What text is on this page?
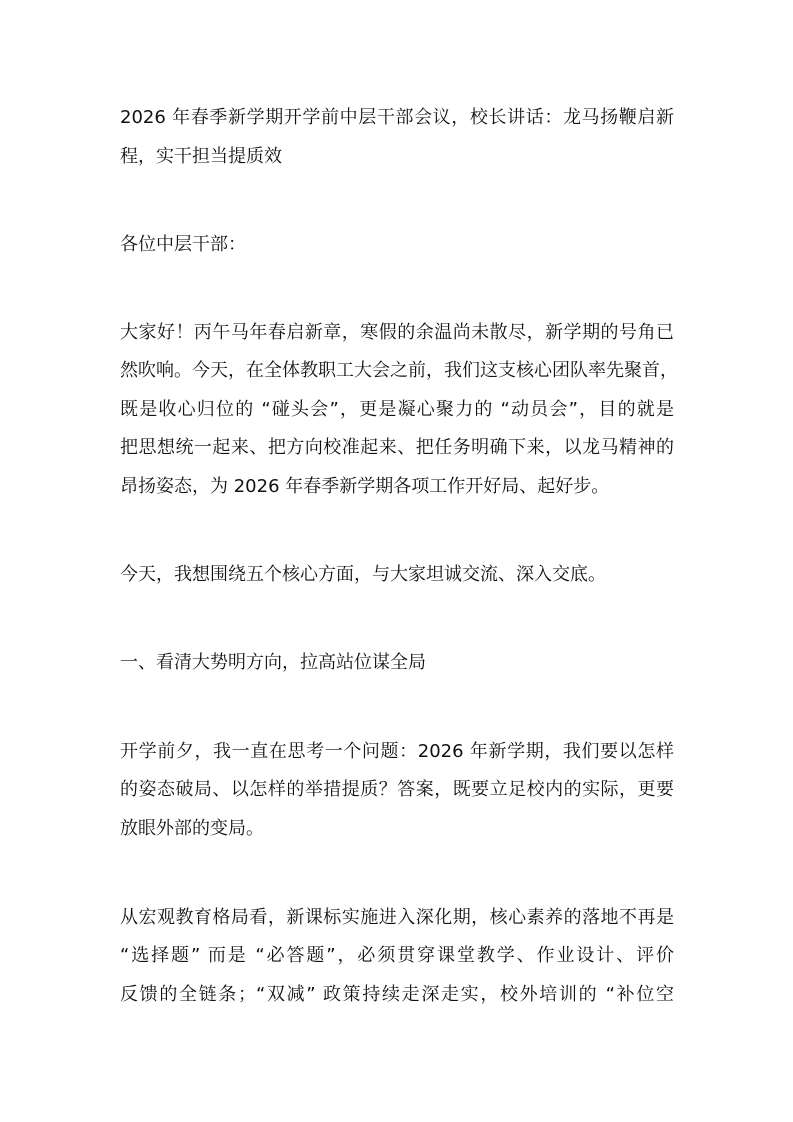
2026 年春季新学期开学前中层干部会议，校长讲话：龙马扬鞭启新
程，实干担当提质效
各位中层干部：
大家好！丙午马年春启新章，寒假的余温尚未散尽，新学期的号角已
然吹响。今天，在全体教职工大会之前，我们这支核心团队率先聚首，
既是收心归位的 “碰头会”，更是凝心聚力的 “动员会”，目的就是
把思想统一起来、把方向校准起来、把任务明确下来，以龙马精神的
昂扬姿态，为 2026 年春季新学期各项工作开好局、起好步。
今天，我想围绕五个核心方面，与大家坦诚交流、深入交底。
一、看清大势明方向，拉高站位谋全局
开学前夕，我一直在思考一个问题：2026 年新学期，我们要以怎样
的姿态破局、以怎样的举措提质？答案，既要立足校内的实际，更要
放眼外部的变局。
从宏观教育格局看，新课标实施进入深化期，核心素养的落地不再是
“选择题” 而是 “必答题”，必须贯穿课堂教学、作业设计、评价
反馈的全链条；“双减” 政策持续走深走实，校外培训的 “补位空
